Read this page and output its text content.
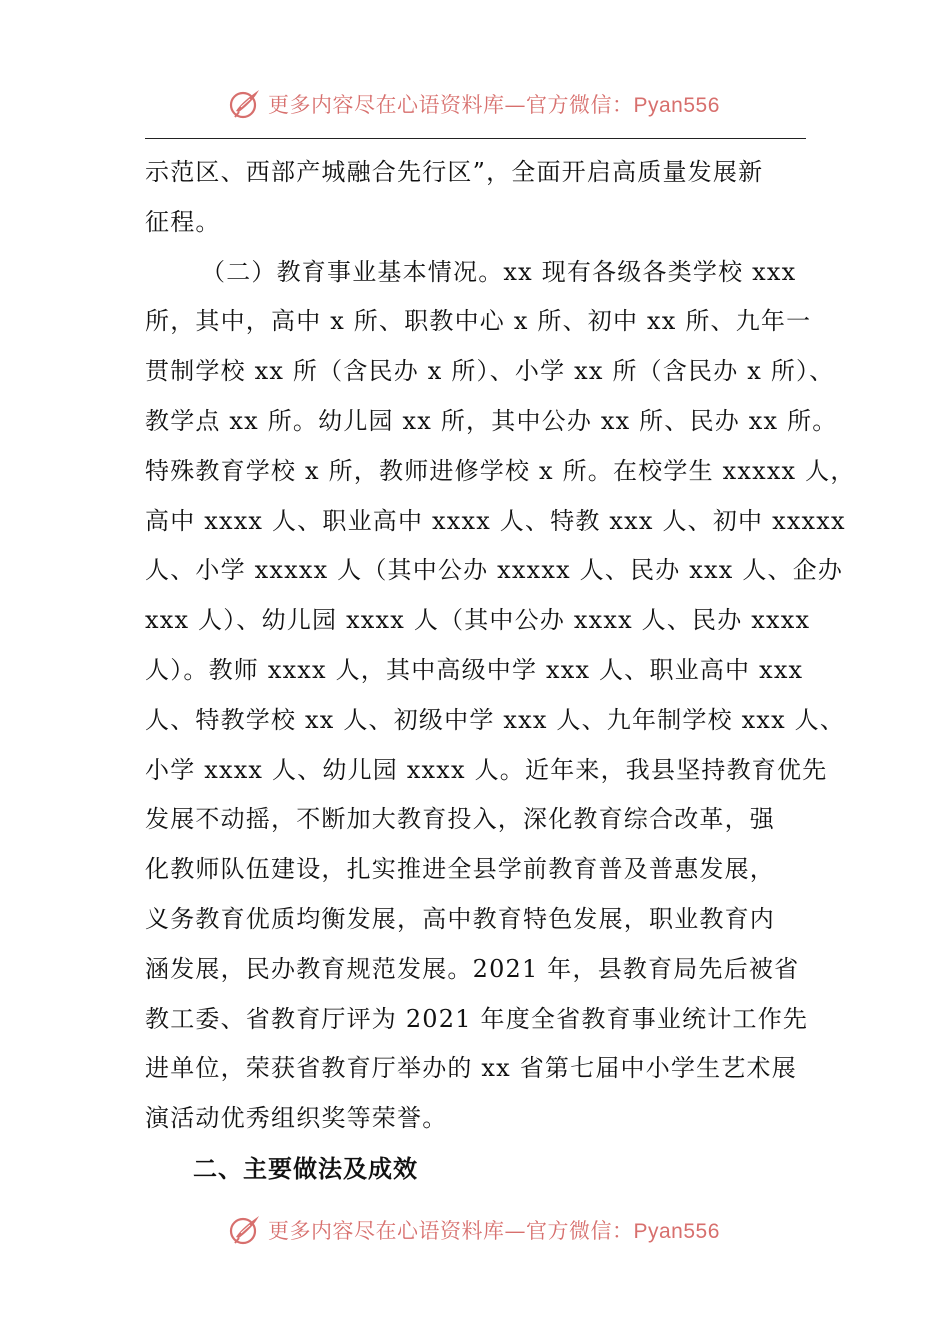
更多内容尽在心语资料库—官方微信：Pyan556
示范区、西部产城融合先行区”，全面开启高质量发展新
征程。
（二）教育事业基本情况。xx 现有各级各类学校 xxx
所，其中，高中 x 所、职教中心 x 所、初中 xx 所、九年一
贯制学校 xx 所（含民办 x 所）、小学 xx 所（含民办 x 所）、
教学点 xx 所。幼儿园 xx 所，其中公办 xx 所、民办 xx 所。
特殊教育学校 x 所，教师进修学校 x 所。在校学生 xxxxx 人，
高中 xxxx 人、职业高中 xxxx 人、特教 xxx 人、初中 xxxxx
人、小学 xxxxx 人（其中公办 xxxxx 人、民办 xxx 人、企办
xxx 人）、幼儿园 xxxx 人（其中公办 xxxx 人、民办 xxxx
人）。教师 xxxx 人，其中高级中学 xxx 人、职业高中 xxx
人、特教学校 xx 人、初级中学 xxx 人、九年制学校 xxx 人、
小学 xxxx 人、幼儿园 xxxx 人。近年来，我县坚持教育优先
发展不动摇，不断加大教育投入，深化教育综合改革，强
化教师队伍建设，扎实推进全县学前教育普及普惠发展，
义务教育优质均衡发展，高中教育特色发展，职业教育内
涵发展，民办教育规范发展。2021 年，县教育局先后被省
教工委、省教育厅评为 2021 年度全省教育事业统计工作先
进单位，荣获省教育厅举办的 xx 省第七届中小学生艺术展
演活动优秀组织奖等荣誉。
二、主要做法及成效
更多内容尽在心语资料库—官方微信：Pyan556
